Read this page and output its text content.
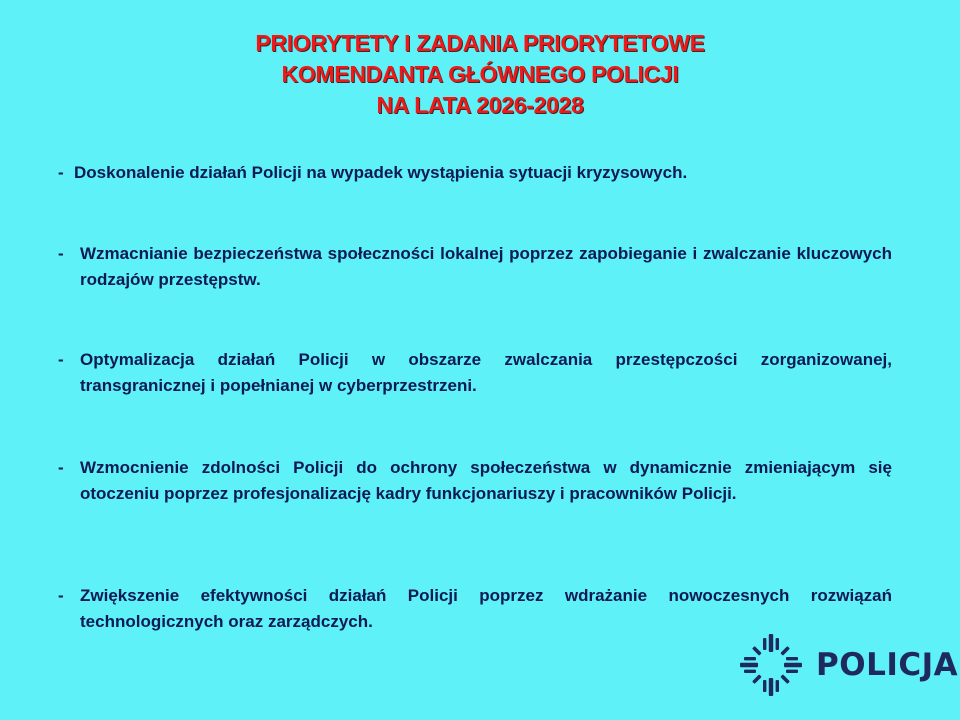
PRIORYTETY I ZADANIA PRIORYTETOWE
KOMENDANTA GŁÓWNEGO POLICJI
NA LATA 2026-2028
- Doskonalenie działań Policji na wypadek wystąpienia sytuacji kryzysowych.
- Wzmacnianie bezpieczeństwa społeczności lokalnej poprzez zapobieganie i zwalczanie kluczowych rodzajów przestępstw.
- Optymalizacja działań Policji w obszarze zwalczania przestępczości zorganizowanej, transgranicznej i popełnianej w cyberprzestrzeni.
- Wzmocnienie zdolności Policji do ochrony społeczeństwa w dynamicznie zmieniającym się otoczeniu poprzez profesjonalizację kadry funkcjonariuszy i pracowników Policji.
- Zwiększenie efektywności działań Policji poprzez wdrażanie nowoczesnych rozwiązań technologicznych oraz zarządczych.
POLICJA
